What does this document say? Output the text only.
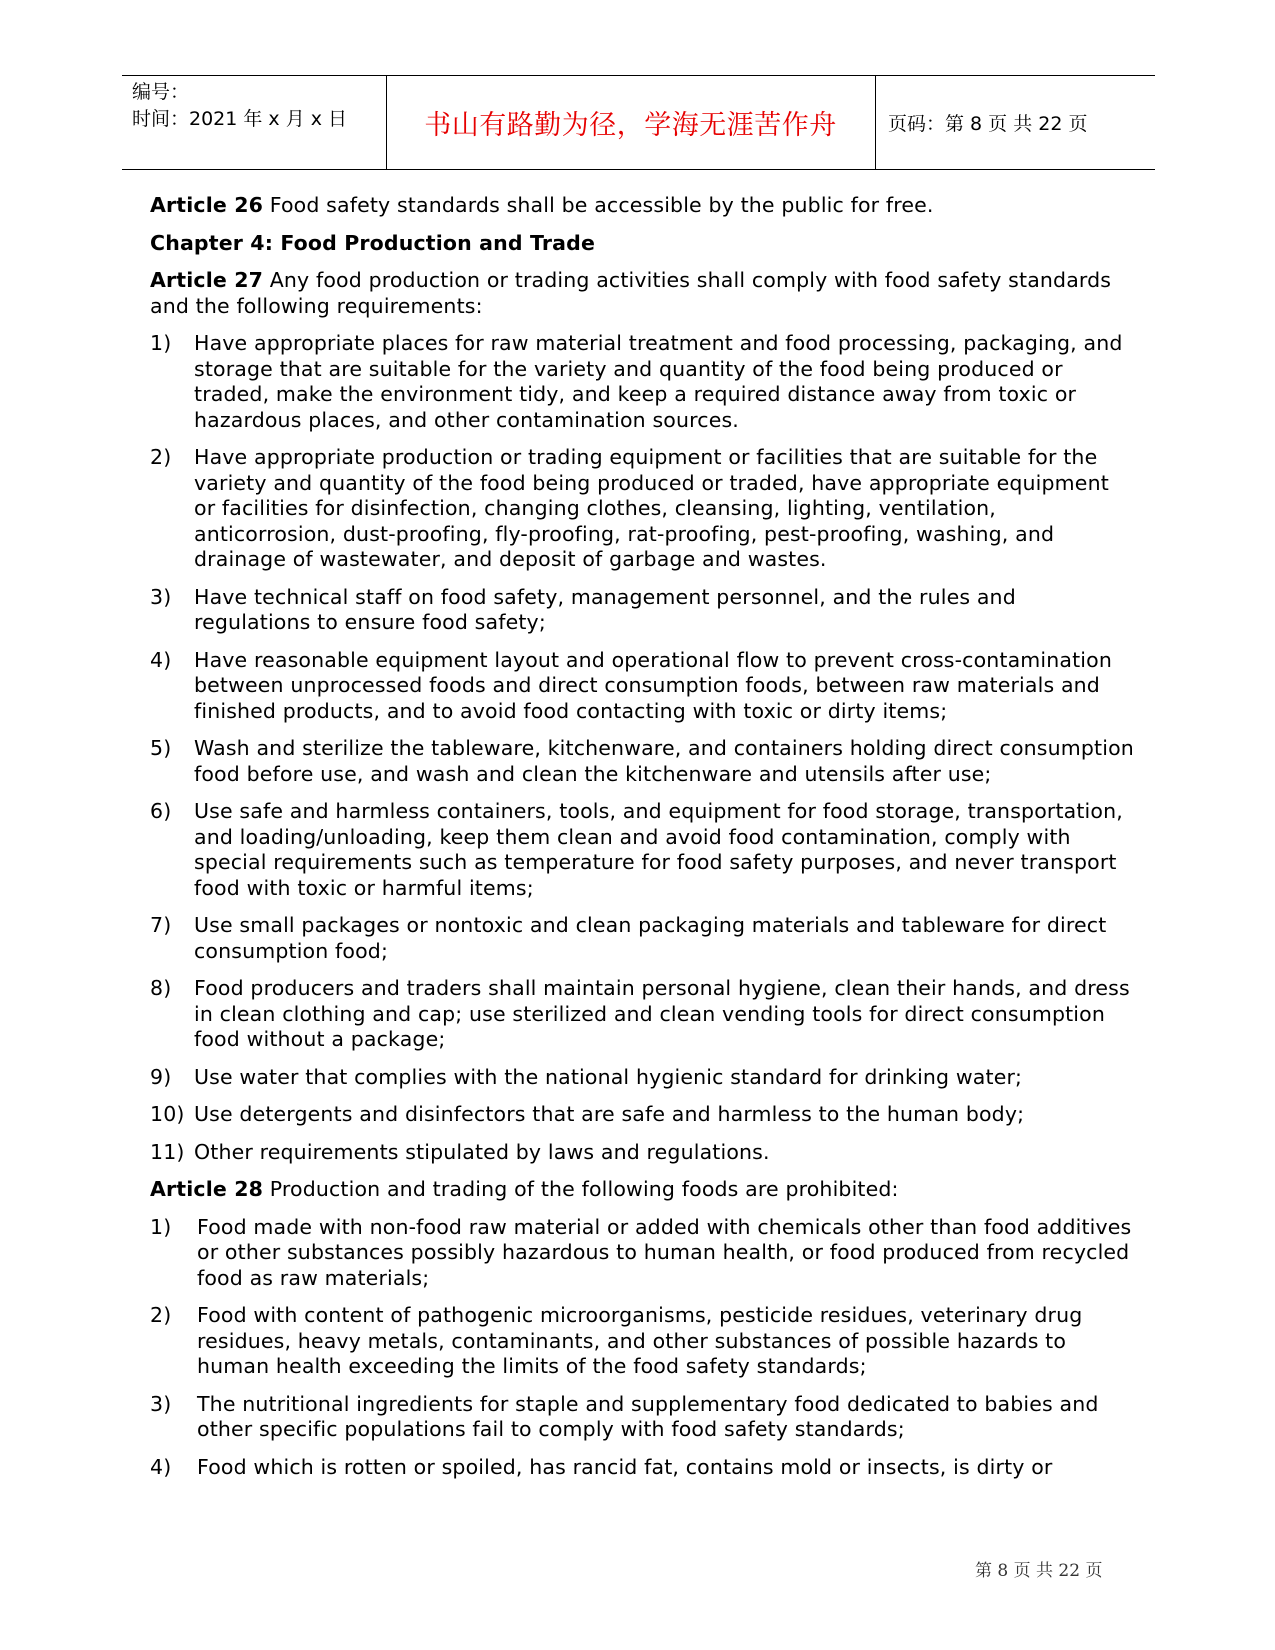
编号：
时间：2021 年 x 月 x 日	书山有路勤为径，学海无涯苦作舟	页码：第 8 页 共 22 页

Article 26 Food safety standards shall be accessible by the public for free.

Chapter 4: Food Production and Trade

Article 27 Any food production or trading activities shall comply with food safety standards and the following requirements:

1)	Have appropriate places for raw material treatment and food processing, packaging, and storage that are suitable for the variety and quantity of the food being produced or traded, make the environment tidy, and keep a required distance away from toxic or hazardous places, and other contamination sources.
2)	Have appropriate production or trading equipment or facilities that are suitable for the variety and quantity of the food being produced or traded, have appropriate equipment or facilities for disinfection, changing clothes, cleansing, lighting, ventilation, anticorrosion, dust-proofing, fly-proofing, rat-proofing, pest-proofing, washing, and drainage of wastewater, and deposit of garbage and wastes.
3)	Have technical staff on food safety, management personnel, and the rules and regulations to ensure food safety;
4)	Have reasonable equipment layout and operational flow to prevent cross-contamination between unprocessed foods and direct consumption foods, between raw materials and finished products, and to avoid food contacting with toxic or dirty items;
5)	Wash and sterilize the tableware, kitchenware, and containers holding direct consumption food before use, and wash and clean the kitchenware and utensils after use;
6)	Use safe and harmless containers, tools, and equipment for food storage, transportation, and loading/unloading, keep them clean and avoid food contamination, comply with special requirements such as temperature for food safety purposes, and never transport food with toxic or harmful items;
7)	Use small packages or nontoxic and clean packaging materials and tableware for direct consumption food;
8)	Food producers and traders shall maintain personal hygiene, clean their hands, and dress in clean clothing and cap; use sterilized and clean vending tools for direct consumption food without a package;
9)	Use water that complies with the national hygienic standard for drinking water;
10) Use detergents and disinfectors that are safe and harmless to the human body;
11) Other requirements stipulated by laws and regulations.

Article 28 Production and trading of the following foods are prohibited:

1)	Food made with non-food raw material or added with chemicals other than food additives or other substances possibly hazardous to human health, or food produced from recycled food as raw materials;
2)	Food with content of pathogenic microorganisms, pesticide residues, veterinary drug residues, heavy metals, contaminants, and other substances of possible hazards to human health exceeding the limits of the food safety standards;
3)	The nutritional ingredients for staple and supplementary food dedicated to babies and other specific populations fail to comply with food safety standards;
4)	Food which is rotten or spoiled, has rancid fat, contains mold or insects, is dirty or
第 8 页 共 22 页
